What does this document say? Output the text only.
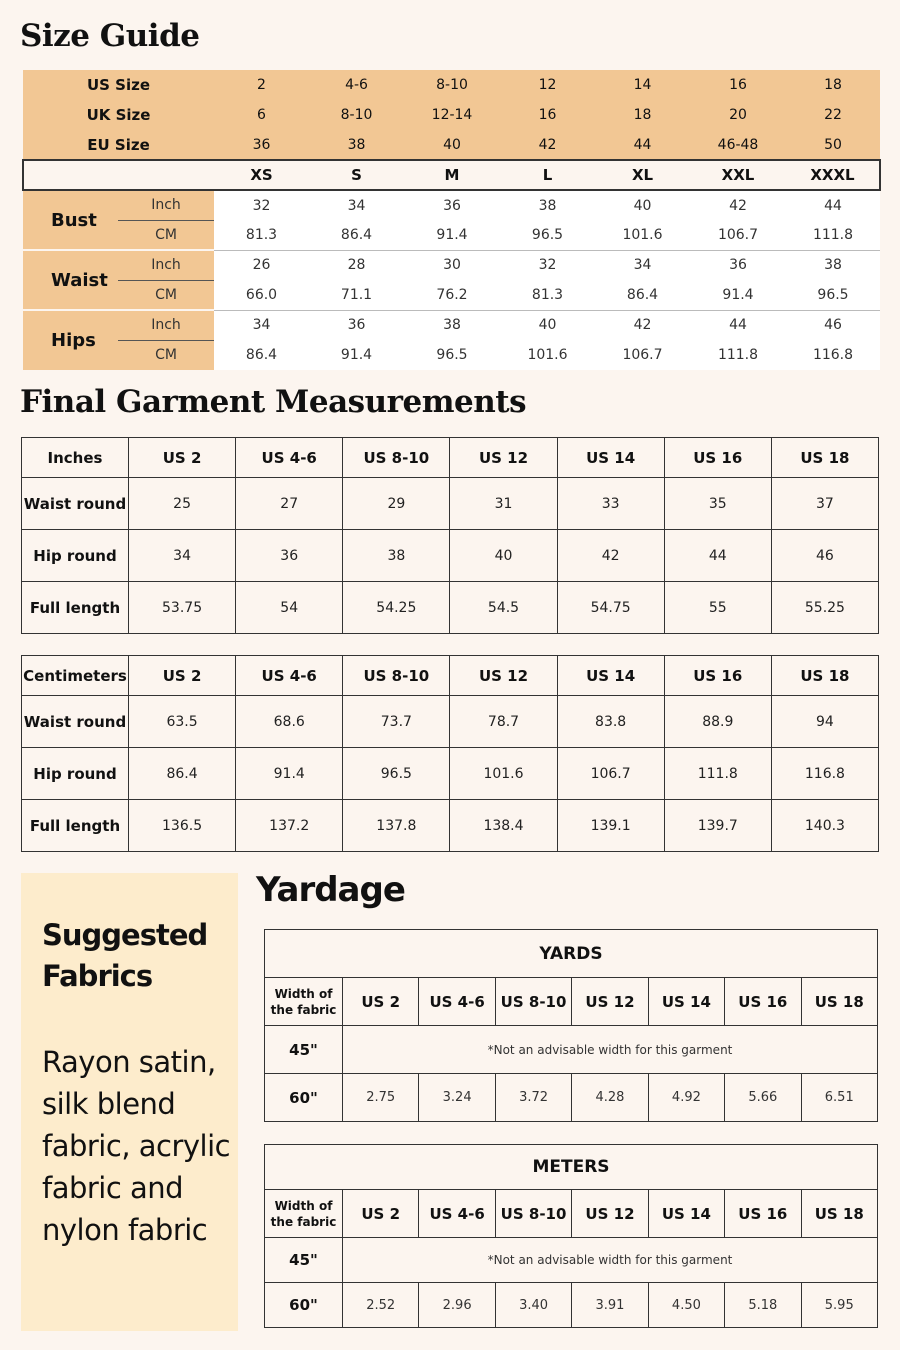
Size Guide
US Size		2	4-6	8-10	12	14	16	18
UK Size		6	8-10	12-14	16	18	20	22
EU Size		36	38	40	42	44	46-48	50
		XS	S	M	L	XL	XXL	XXXL
Bust	Inch	32	34	36	38	40	42	44
	CM	81.3	86.4	91.4	96.5	101.6	106.7	111.8
Waist	Inch	26	28	30	32	34	36	38
	CM	66.0	71.1	76.2	81.3	86.4	91.4	96.5
Hips	Inch	34	36	38	40	42	44	46
	CM	86.4	91.4	96.5	101.6	106.7	111.8	116.8
Final Garment Measurements
Inches	US 2	US 4-6	US 8-10	US 12	US 14	US 16	US 18
Waist round	25	27	29	31	33	35	37
Hip round	34	36	38	40	42	44	46
Full length	53.75	54	54.25	54.5	54.75	55	55.25
Centimeters	US 2	US 4-6	US 8-10	US 12	US 14	US 16	US 18
Waist round	63.5	68.6	73.7	78.7	83.8	88.9	94
Hip round	86.4	91.4	96.5	101.6	106.7	111.8	116.8
Full length	136.5	137.2	137.8	138.4	139.1	139.7	140.3
Suggested Fabrics
Rayon satin, silk blend fabric, acrylic fabric and nylon fabric
Yardage
YARDS							
Width of the fabric	US 2	US 4-6	US 8-10	US 12	US 14	US 16	US 18
45"	*Not an advisable width for this garment						
60"	2.75	3.24	3.72	4.28	4.92	5.66	6.51
METERS							
Width of the fabric	US 2	US 4-6	US 8-10	US 12	US 14	US 16	US 18
45"	*Not an advisable width for this garment						
60"	2.52	2.96	3.40	3.91	4.50	5.18	5.95
